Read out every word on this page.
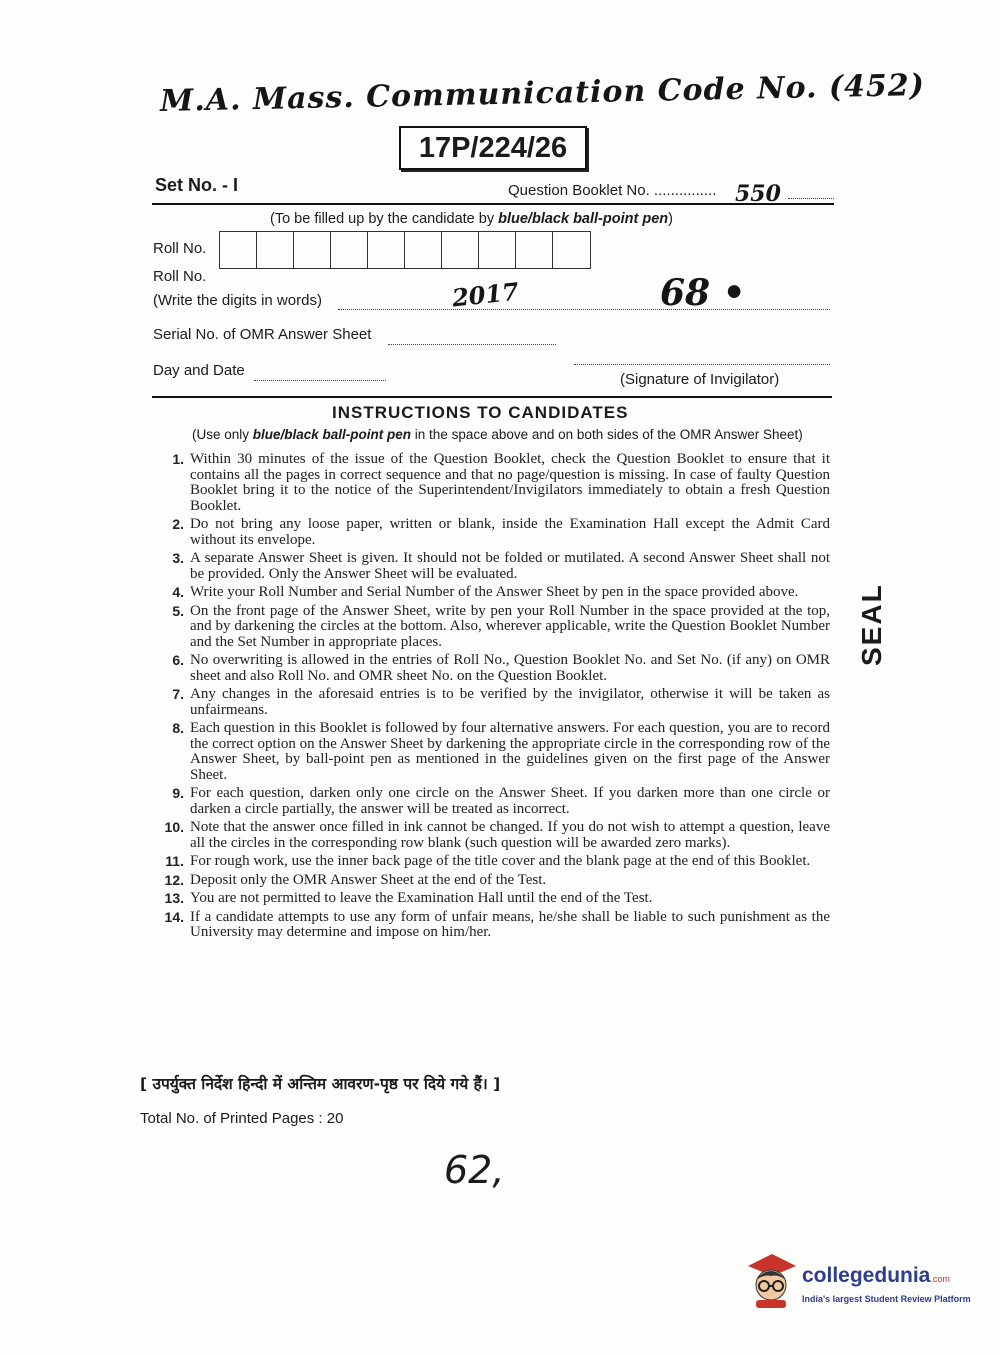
M.A. Mass. Communication Code No. (452)
17P/224/26
Set No. - I	Question Booklet No. ............... 550
(To be filled up by the candidate by blue/black ball-point pen)
Roll No.
Roll No.
(Write the digits in words)	2017	68 •
Serial No. of OMR Answer Sheet
Day and Date
(Signature of Invigilator)
INSTRUCTIONS TO CANDIDATES
(Use only blue/black ball-point pen in the space above and on both sides of the OMR Answer Sheet)
1. Within 30 minutes of the issue of the Question Booklet, check the Question Booklet to ensure that it contains all the pages in correct sequence and that no page/question is missing. In case of faulty Question Booklet bring it to the notice of the Superintendent/Invigilators immediately to obtain a fresh Question Booklet.
2. Do not bring any loose paper, written or blank, inside the Examination Hall except the Admit Card without its envelope.
3. A separate Answer Sheet is given. It should not be folded or mutilated. A second Answer Sheet shall not be provided. Only the Answer Sheet will be evaluated.
4. Write your Roll Number and Serial Number of the Answer Sheet by pen in the space provided above.
5. On the front page of the Answer Sheet, write by pen your Roll Number in the space provided at the top, and by darkening the circles at the bottom. Also, wherever applicable, write the Question Booklet Number and the Set Number in appropriate places.
6. No overwriting is allowed in the entries of Roll No., Question Booklet No. and Set No. (if any) on OMR sheet and also Roll No. and OMR sheet No. on the Question Booklet.
7. Any changes in the aforesaid entries is to be verified by the invigilator, otherwise it will be taken as unfairmeans.
8. Each question in this Booklet is followed by four alternative answers. For each question, you are to record the correct option on the Answer Sheet by darkening the appropriate circle in the corresponding row of the Answer Sheet, by ball-point pen as mentioned in the guidelines given on the first page of the Answer Sheet.
9. For each question, darken only one circle on the Answer Sheet. If you darken more than one circle or darken a circle partially, the answer will be treated as incorrect.
10. Note that the answer once filled in ink cannot be changed. If you do not wish to attempt a question, leave all the circles in the corresponding row blank (such question will be awarded zero marks).
11. For rough work, use the inner back page of the title cover and the blank page at the end of this Booklet.
12. Deposit only the OMR Answer Sheet at the end of the Test.
13. You are not permitted to leave the Examination Hall until the end of the Test.
14. If a candidate attempts to use any form of unfair means, he/she shall be liable to such punishment as the University may determine and impose on him/her.
SEAL
[ उपर्युक्त निर्देश हिन्दी में अन्तिम आवरण-पृष्ठ पर दिये गये हैं। ]
Total No. of Printed Pages : 20
62,
collegedunia.com
India's largest Student Review Platform
